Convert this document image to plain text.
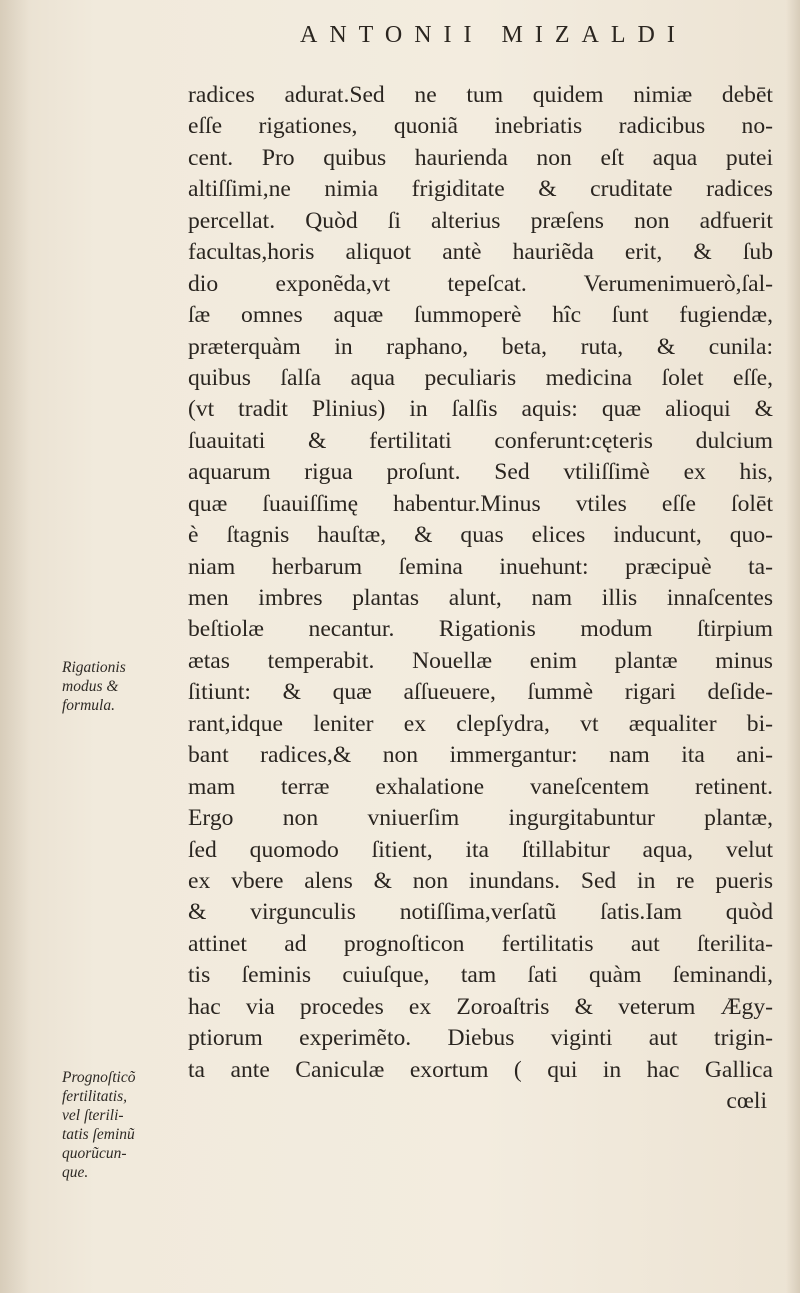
ANTONII MIZALDI
radices adurat.Sed ne tum quidem nimiæ debēt
eſſe rigationes, quoniã inebriatis radicibus no-
cent. Pro quibus haurienda non eſt aqua putei
altiſſimi,ne nimia frigiditate & cruditate radices
percellat. Quòd ſi alterius præſens non adfuerit
facultas,horis aliquot antè hauriẽda erit, & ſub
dio exponẽda,vt tepeſcat. Verumenimuerò,ſal-
ſæ omnes aquæ ſummoperè hîc ſunt fugiendæ,
præterquàm in raphano, beta, ruta, & cunila:
quibus ſalſa aqua peculiaris medicina ſolet eſſe,
(vt tradit Plinius) in ſalſis aquis: quæ alioqui &
ſuauitati & fertilitati conferunt:cęteris dulcium
aquarum rigua proſunt. Sed vtiliſſimè ex his,
quæ ſuauiſſimę habentur.Minus vtiles eſſe ſolēt
è ſtagnis hauſtæ, & quas elices inducunt, quo-
niam herbarum ſemina inuehunt: præcipuè ta-
men imbres plantas alunt, nam illis innaſcentes
beſtiolæ necantur. Rigationis modum ſtirpium
ætas temperabit. Nouellæ enim plantæ minus
ſitiunt: & quæ aſſueuere, ſummè rigari deſide-
rant,idque leniter ex clepſydra, vt æqualiter bi-
bant radices,& non immergantur: nam ita ani-
mam terræ exhalatione vaneſcentem retinent.
Ergo non vniuerſim ingurgitabuntur plantæ,
ſed quomodo ſitient, ita ſtillabitur aqua, velut
ex vbere alens & non inundans. Sed in re pueris
& virgunculis notiſſima,verſatũ ſatis.Iam quòd
attinet ad prognoſticon fertilitatis aut ſterilita-
tis ſeminis cuiuſque, tam ſati quàm ſeminandi,
hac via procedes ex Zoroaſtris & veterum Ægy-
ptiorum experimẽto. Diebus viginti aut trigin-
ta ante Caniculæ exortum ( qui in hac Gallica
cœli
Rigationis
modus &
formula.
Prognoſticõ
fertilitatis,
vel ſterili-
tatis ſeminũ
quorũcun-
que.
